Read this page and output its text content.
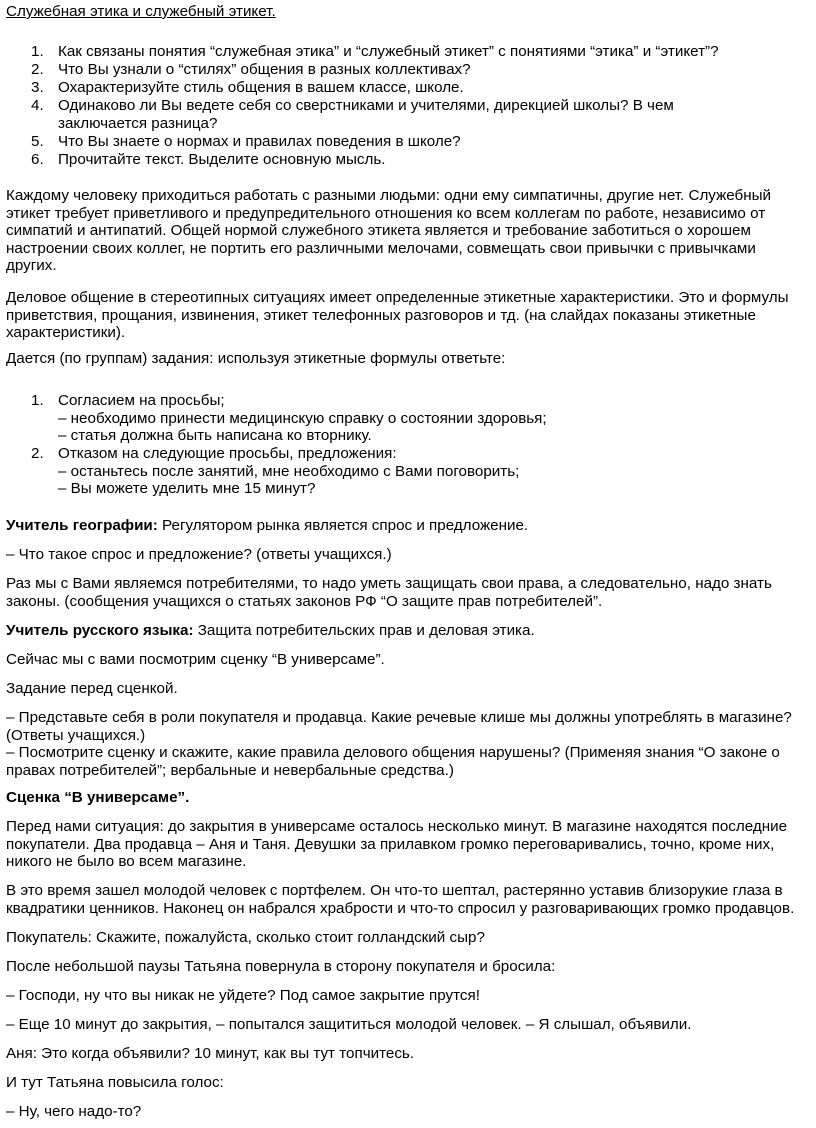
Служебная этика и служебный этикет.
1. Как связаны понятия “служебная этика” и “служебный этикет” с понятиями “этика” и “этикет”?
2. Что Вы узнали о “стилях” общения в разных коллективах?
3. Охарактеризуйте стиль общения в вашем классе, школе.
4. Одинаково ли Вы ведете себя со сверстниками и учителями, дирекцией школы? В чем заключается разница?
5. Что Вы знаете о нормах и правилах поведения в школе?
6. Прочитайте текст. Выделите основную мысль.
Каждому человеку приходиться работать с разными людьми: одни ему симпатичны, другие нет. Служебный этикет требует приветливого и предупредительного отношения ко всем коллегам по работе, независимо от симпатий и антипатий. Общей нормой служебного этикета является и требование заботиться о хорошем настроении своих коллег, не портить его различными мелочами, совмещать свои привычки с привычками других.
Деловое общение в стереотипных ситуациях имеет определенные этикетные характеристики. Это и формулы приветствия, прощания, извинения, этикет телефонных разговоров и тд. (на слайдах показаны этикетные характеристики).
Дается (по группам) задания: используя этикетные формулы ответьте:
1. Согласием на просьбы;
– необходимо принести медицинскую справку о состоянии здоровья;
– статья должна быть написана ко вторнику.
2. Отказом на следующие просьбы, предложения:
– останьтесь после занятий, мне необходимо с Вами поговорить;
– Вы можете уделить мне 15 минут?
Учитель географии: Регулятором рынка является спрос и предложение.
– Что такое спрос и предложение? (ответы учащихся.)
Раз мы с Вами являемся потребителями, то надо уметь защищать свои права, а следовательно, надо знать законы. (сообщения учащихся о статьях законов РФ “О защите прав потребителей”.
Учитель русского языка: Защита потребительских прав и деловая этика.
Сейчас мы с вами посмотрим сценку “В универсаме”.
Задание перед сценкой.
– Представьте себя в роли покупателя и продавца. Какие речевые клише мы должны употреблять в магазине? (Ответы учащихся.)
– Посмотрите сценку и скажите, какие правила делового общения нарушены? (Применяя знания “О законе о правах потребителей”; вербальные и невербальные средства.)
Сценка “В универсаме”.
Перед нами ситуация: до закрытия в универсаме осталось несколько минут. В магазине находятся последние покупатели. Два продавца – Аня и Таня. Девушки за прилавком громко переговаривались, точно, кроме них, никого не было во всем магазине.
В это время зашел молодой человек с портфелем. Он что-то шептал, растерянно уставив близорукие глаза в квадратики ценников. Наконец он набрался храбрости и что-то спросил у разговаривающих громко продавцов.
Покупатель: Скажите, пожалуйста, сколько стоит голландский сыр?
После небольшой паузы Татьяна повернула в сторону покупателя и бросила:
– Господи, ну что вы никак не уйдете? Под самое закрытие прутся!
– Еще 10 минут до закрытия, – попытался защититься молодой человек. – Я слышал, объявили.
Аня: Это когда объявили? 10 минут, как вы тут топчитесь.
И тут Татьяна повысила голос:
– Ну, чего надо-то?
